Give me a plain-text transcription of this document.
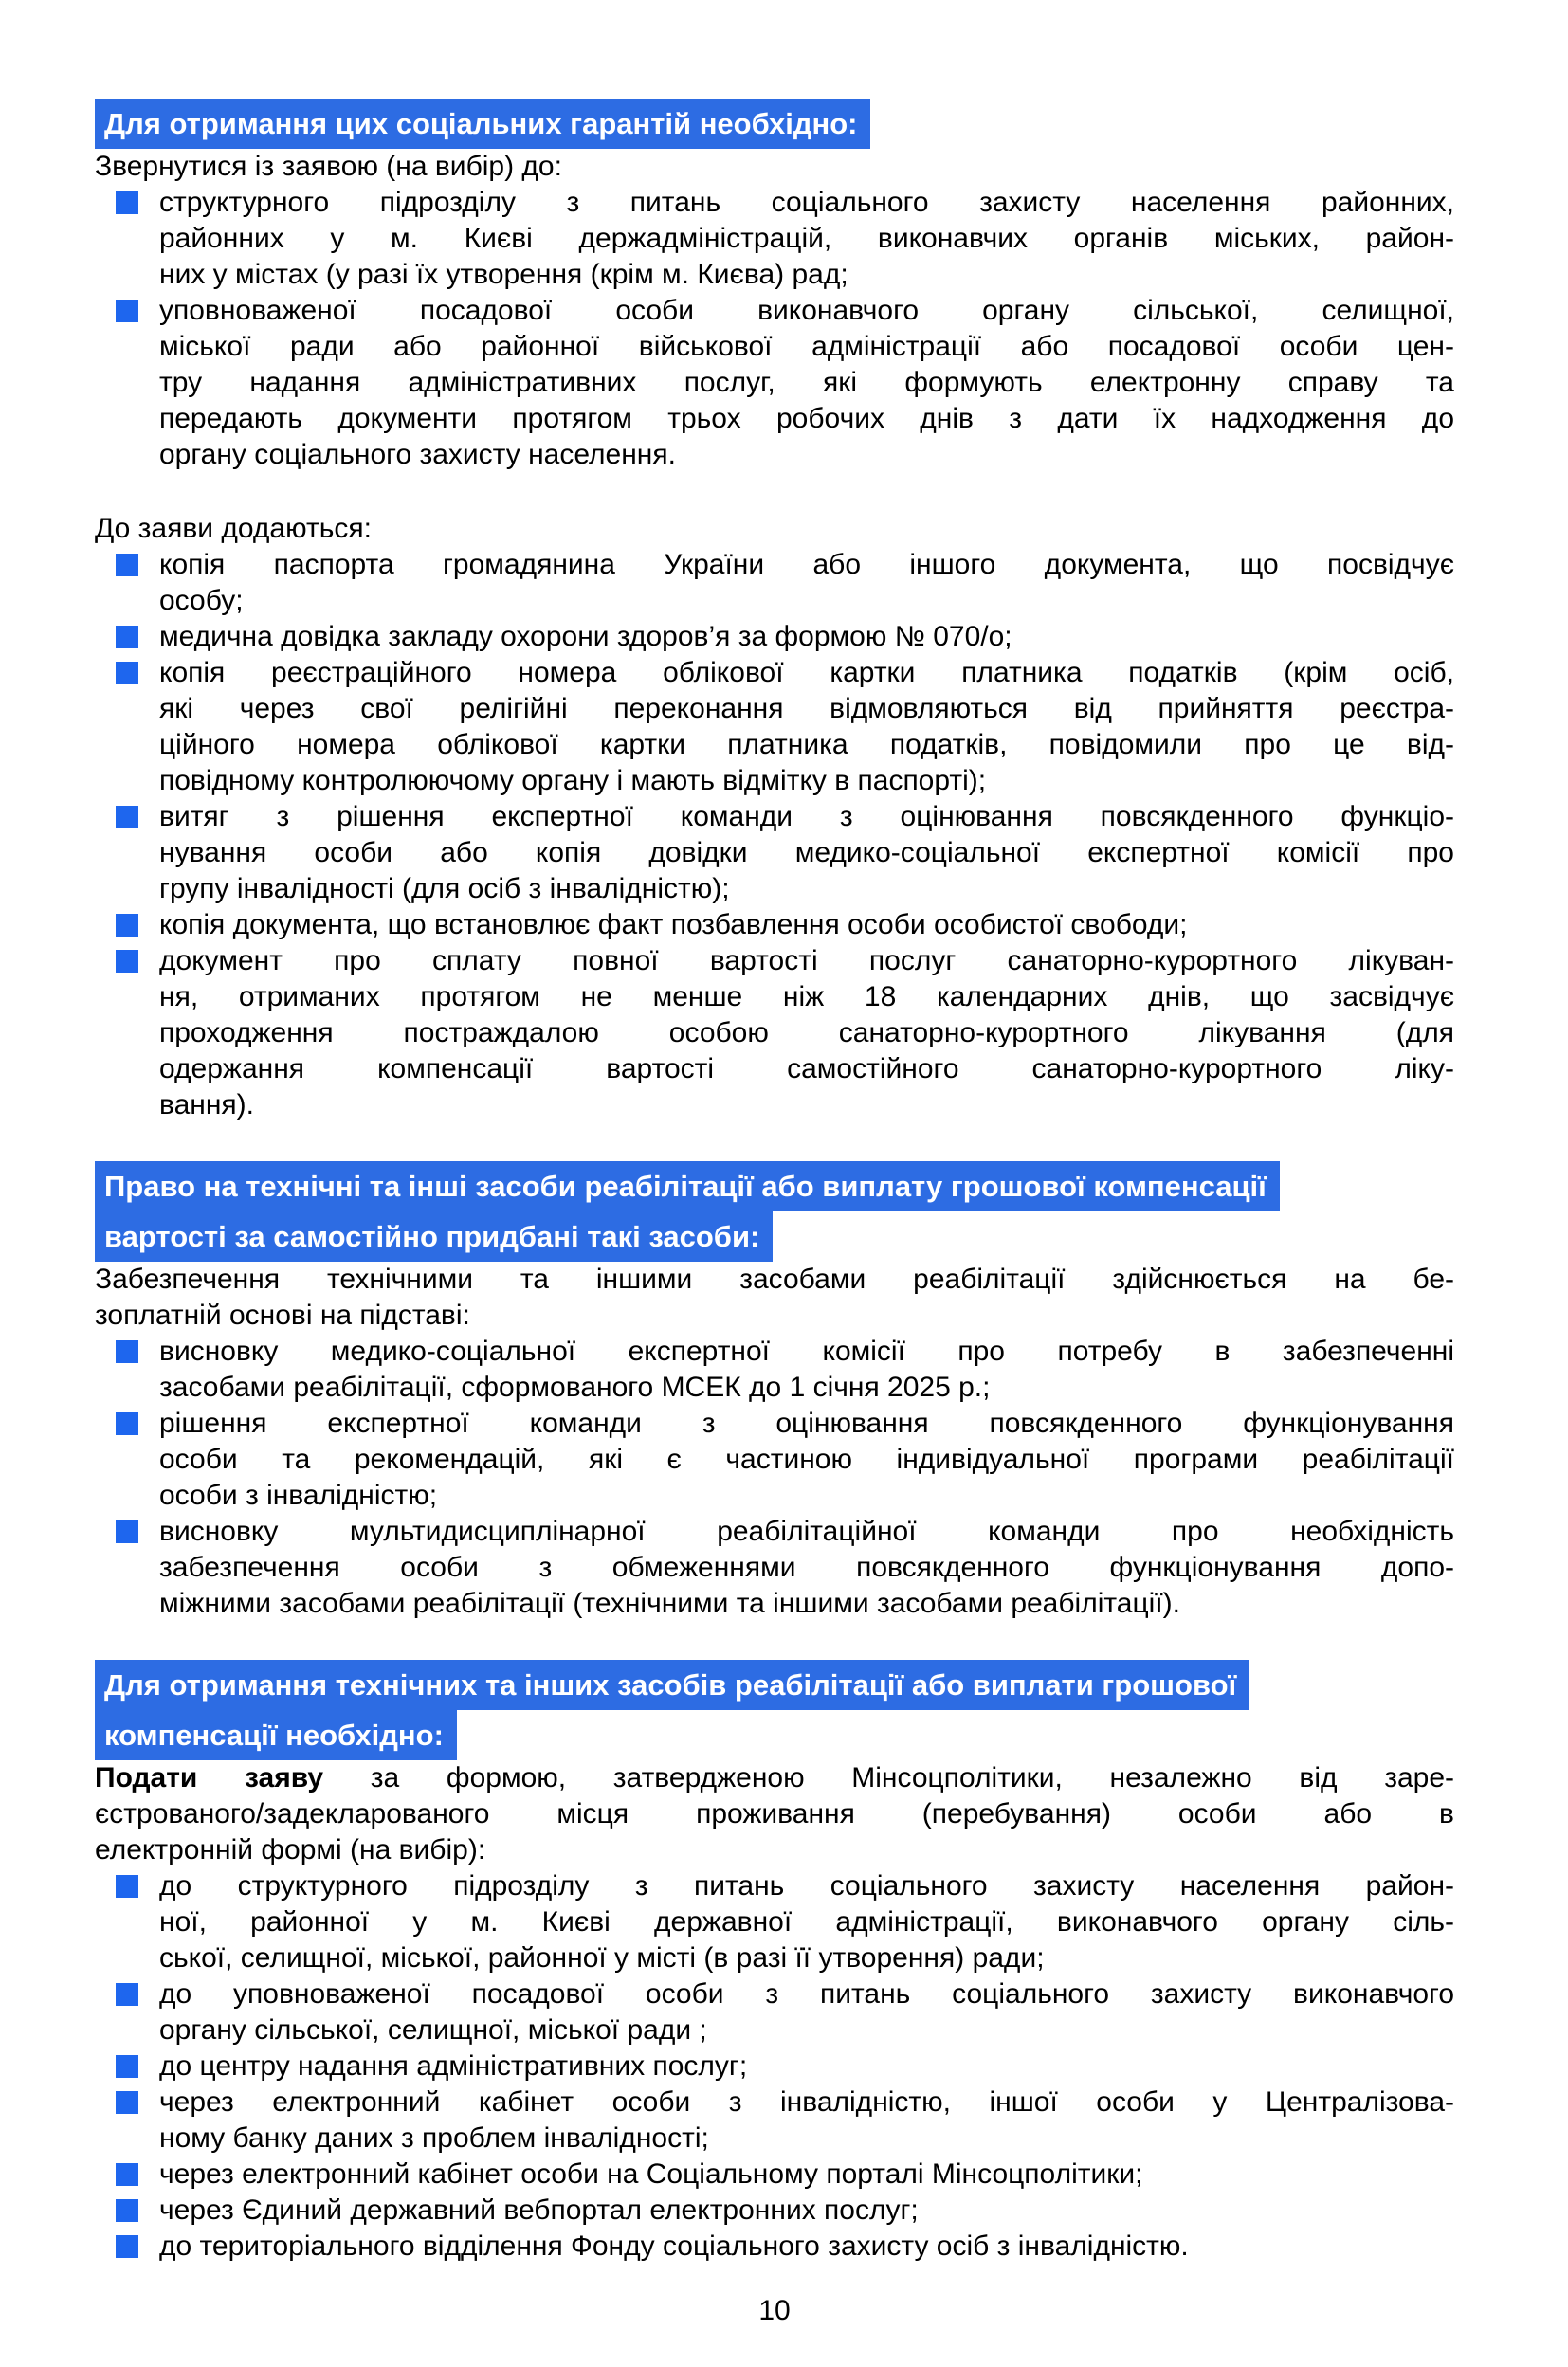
Для отримання цих соціальних гарантій необхідно:
Звернутися із заявою (на вибір) до:
структурного підрозділу з питань соціального захисту населення районних,
районних у м. Києві держадміністрацій, виконавчих органів міських, район-
них у містах (у разі їх утворення (крім м. Києва) рад;
уповноваженої посадової особи виконавчого органу сільської, селищної,
міської ради або районної військової адміністрації або посадової особи цен-
тру надання адміністративних послуг, які формують електронну справу та
передають документи протягом трьох робочих днів з дати їх надходження до
органу соціального захисту населення.
До заяви додаються:
копія паспорта громадянина України або іншого документа, що посвідчує
особу;
медична довідка закладу охорони здоров’я за формою № 070/о;
копія реєстраційного номера облікової картки платника податків (крім осіб,
які через свої релігійні переконання відмовляються від прийняття реєстра-
ційного номера облікової картки платника податків, повідомили про це від-
повідному контролюючому органу і мають відмітку в паспорті);
витяг з рішення експертної команди з оцінювання повсякденного функціо-
нування особи або копія довідки медико-соціальної експертної комісії про
групу інвалідності (для осіб з інвалідністю);
копія документа, що встановлює факт позбавлення особи особистої свободи;
документ про сплату повної вартості послуг санаторно-курортного лікуван-
ня, отриманих протягом не менше ніж 18 календарних днів, що засвідчує
проходження постраждалою особою санаторно-курортного лікування (для
одержання компенсації вартості самостійного санаторно-курортного ліку-
вання).
Право на технічні та інші засоби реабілітації або виплату грошової компенсації
вартості за самостійно придбані такі засоби:
Забезпечення технічними та іншими засобами реабілітації здійснюється на бе-
зоплатній основі на підставі:
висновку медико-соціальної експертної комісії про потребу в забезпеченні
засобами реабілітації, сформованого МСЕК до 1 січня 2025 р.;
рішення експертної команди з оцінювання повсякденного функціонування
особи та рекомендацій, які є частиною індивідуальної програми реабілітації
особи з інвалідністю;
висновку мультидисциплінарної реабілітаційної команди про необхідність
забезпечення особи з обмеженнями повсякденного функціонування допо-
міжними засобами реабілітації (технічними та іншими засобами реабілітації).
Для отримання технічних та інших засобів реабілітації або виплати грошової
компенсації необхідно:
Подати заяву за формою, затвердженою Мінсоцполітики, незалежно від заре-
єстрованого/задекларованого місця проживання (перебування) особи або в
електронній формі (на вибір):
до структурного підрозділу з питань соціального захисту населення район-
ної, районної у м. Києві державної адміністрації, виконавчого органу сіль-
ської, селищної, міської, районної у місті (в разі її утворення) ради;
до уповноваженої посадової особи з питань соціального захисту виконавчого
органу сільської, селищної, міської ради ;
до центру надання адміністративних послуг;
через електронний кабінет особи з інвалідністю, іншої особи у Централізова-
ному банку даних з проблем інвалідності;
через електронний кабінет особи на Соціальному порталі Мінсоцполітики;
через Єдиний державний вебпортал електронних послуг;
до територіального відділення Фонду соціального захисту осіб з інвалідністю.
10
